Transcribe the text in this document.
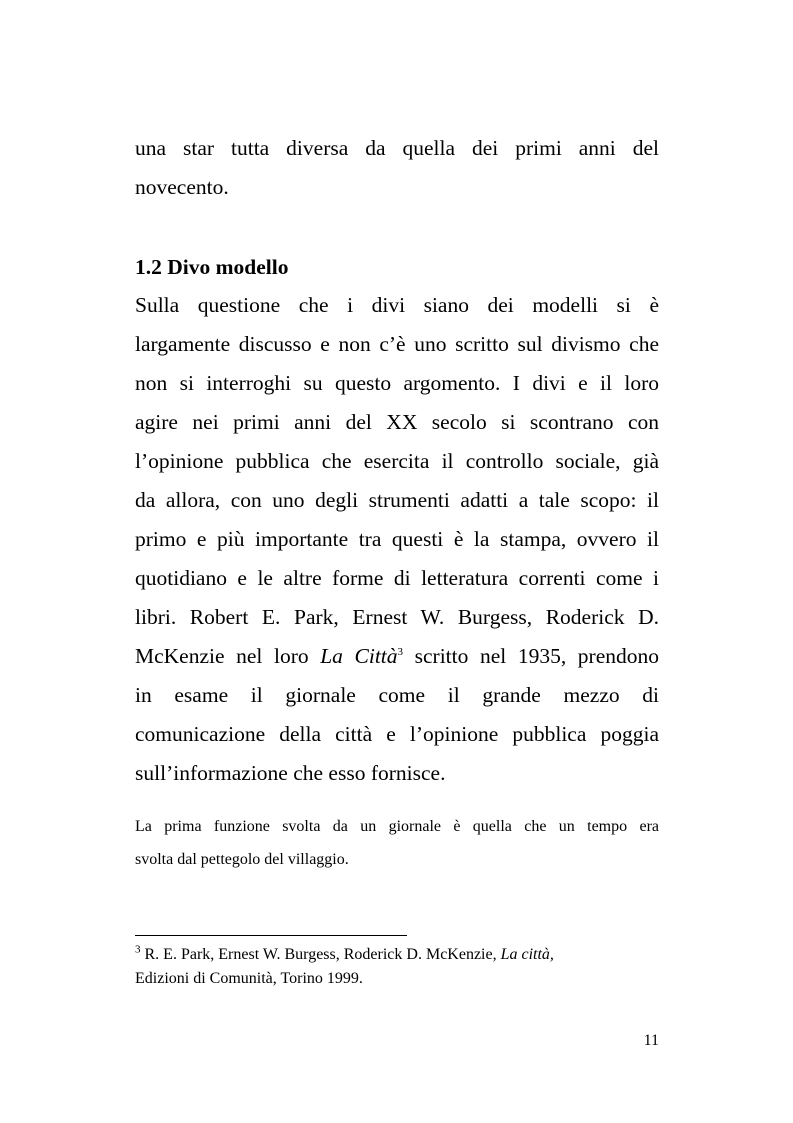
una star tutta diversa da quella dei primi anni del
novecento.
1.2 Divo modello
Sulla questione che i divi siano dei modelli si è
largamente discusso e non c’è uno scritto sul divismo che
non si interroghi su questo argomento. I divi e il loro
agire nei primi anni del XX secolo si scontrano con
l’opinione pubblica che esercita il controllo sociale, già
da allora, con uno degli strumenti adatti a tale scopo: il
primo e più importante tra questi è la stampa, ovvero il
quotidiano e le altre forme di letteratura correnti come i
libri. Robert E. Park, Ernest W. Burgess, Roderick D.
McKenzie nel loro La Città$^3$ scritto nel 1935, prendono
in esame il giornale come il grande mezzo di
comunicazione della città e l’opinione pubblica poggia
sull’informazione che esso fornisce.
La prima funzione svolta da un giornale è quella che un tempo era
svolta dal pettegolo del villaggio.
$^3$ R. E. Park, Ernest W. Burgess, Roderick D. McKenzie, La città,
Edizioni di Comunità, Torino 1999.
11
